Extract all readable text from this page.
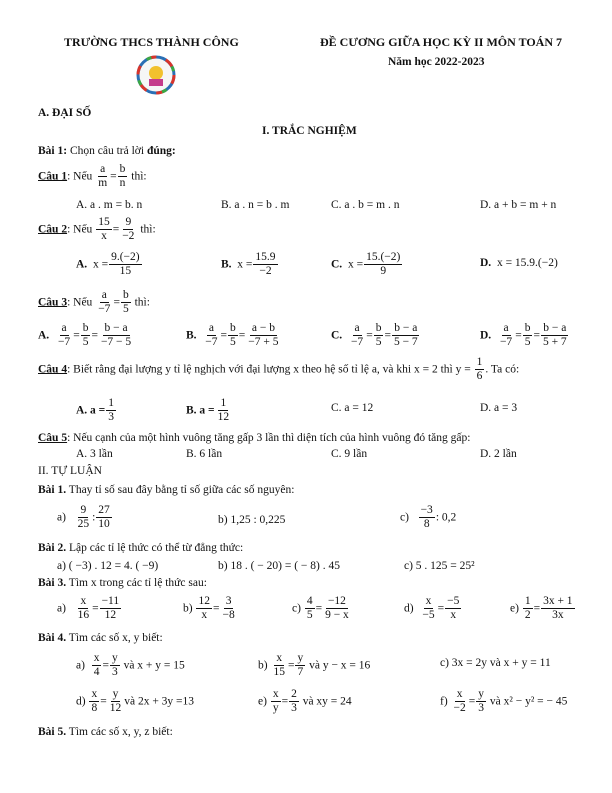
TRƯỜNG THCS THÀNH CÔNG	ĐỀ CƯƠNG GIỮA HỌC KỲ II MÔN TOÁN 7
Năm học 2022-2023
A. ĐẠI SỐ
I. TRẮC NGHIỆM
Bài 1: Chọn câu trả lời đúng:
Câu 1: Nếu $\frac{a}{m} = \frac{b}{n}$ thì:
A. a . m = b. n	B. a . n = b . m	C. a . b = m . n	D. a + b = m + n
Câu 2: Nếu $\frac{15}{x} = \frac{9}{-2}$ thì:
A. $x = \frac{9.(-2)}{15}$	B. $x = \frac{15.9}{-2}$	C. $x = \frac{15.(-2)}{9}$	D. x = 15.9.(−2)
Câu 3: Nếu $\frac{a}{-7} = \frac{b}{5}$ thì:
A. $\frac{a}{-7} = \frac{b}{5} = \frac{b - a}{-7 - 5}$	B. $\frac{a}{-7} = \frac{b}{5} = \frac{a - b}{-7 + 5}$	C. $\frac{a}{-7} = \frac{b}{5} = \frac{b - a}{5 - 7}$	D. $\frac{a}{-7} = \frac{b}{5} = \frac{b - a}{5 + 7}$
Câu 4: Biết rằng đại lượng y tỉ lệ nghịch với đại lượng x theo hệ số tỉ lệ a, và khi x = 2 thì $y = \frac{1}{6}$ . Ta có:
A. $a = \frac{1}{3}$	B. $a = \frac{1}{12}$	C. a = 12	D. a = 3
Câu 5: Nếu cạnh của một hình vuông tăng gấp 3 lần thì diện tích của hình vuông đó tăng gấp:
A. 3 lần	B. 6 lần	C. 9 lần	D. 2 lần
II. TỰ LUẬN
Bài 1. Thay tỉ số sau đây bằng tỉ số giữa các số nguyên:
$a) \frac{9}{25}$ : $\frac{27}{10}$	b) 1,25 : 0,225	$c) \frac{-3}{8}$ : 0,2
Bài 2. Lập các tỉ lệ thức có thể từ đẳng thức:
a) ( −3) . 12 = 4. ( −9)	b) 18 . ( − 20) = ( − 8) . 45	c) 5 . 125 = 25²
Bài 3. Tìm x trong các tỉ lệ thức sau:
$a) \frac{x}{16} = \frac{-11}{12}$	$b) \frac{12}{x} = \frac{3}{-8}$	$c) \frac{4}{5} = \frac{-12}{9 - x}$	$d) \frac{x}{-5} = \frac{-5}{x}$	$e) \frac{1}{2} = \frac{3x + 1}{3x}$
Bài 4. Tìm các số x, y biết:
$a) \frac{x}{4} = \frac{y}{3}$ và x + y = 15	$b) \frac{x}{15} = \frac{y}{7}$ và y − x = 16	c) 3x = 2y và x + y = 11
$d) \frac{x}{8} = \frac{y}{12}$ và 2x + 3y =13	$e) \frac{x}{y} = \frac{2}{3}$ và xy = 24	$f) \frac{x}{-2} = \frac{y}{3}$ và x² − y² = − 45
Bài 5. Tìm các số x, y, z biết:
